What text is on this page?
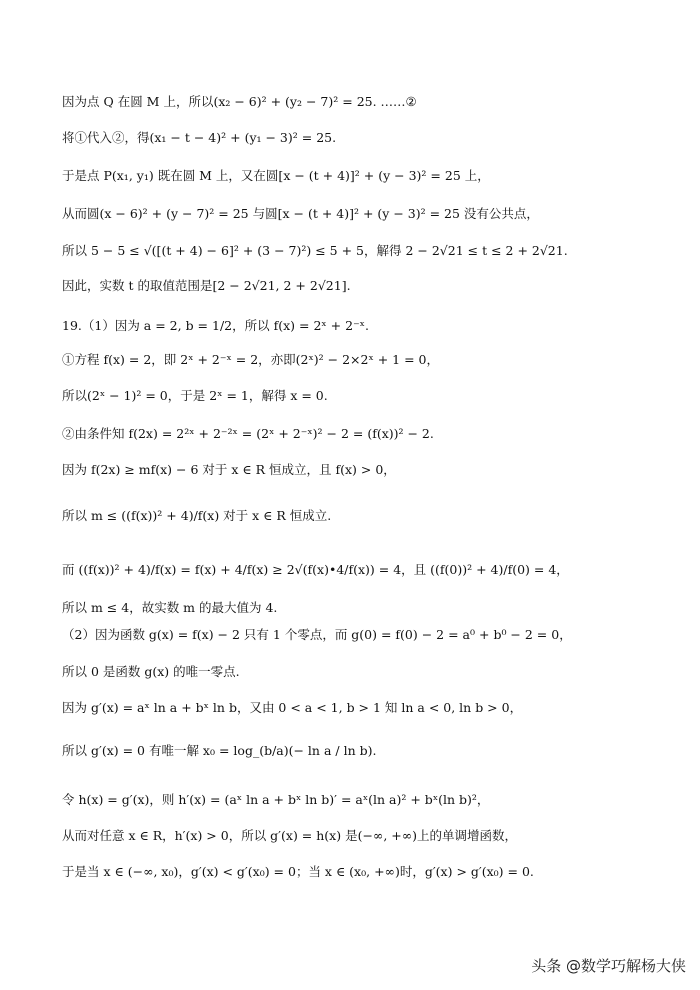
因为点 Q 在圆 M 上，所以(x₂ − 6)² + (y₂ − 7)² = 25. ……②
将①代入②，得(x₁ − t − 4)² + (y₁ − 3)² = 25.
于是点 P(x₁, y₁) 既在圆 M 上，又在圆[x − (t + 4)]² + (y − 3)² = 25 上，
从而圆(x − 6)² + (y − 7)² = 25 与圆[x − (t + 4)]² + (y − 3)² = 25 没有公共点，
所以 5 − 5 ≤ √([(t + 4) − 6]² + (3 − 7)²) ≤ 5 + 5，解得 2 − 2√21 ≤ t ≤ 2 + 2√21.
因此，实数 t 的取值范围是[2 − 2√21, 2 + 2√21].
19.（1）因为 a = 2, b = 1/2，所以 f(x) = 2ˣ + 2⁻ˣ.
①方程 f(x) = 2，即 2ˣ + 2⁻ˣ = 2，亦即(2ˣ)² − 2×2ˣ + 1 = 0，
所以(2ˣ − 1)² = 0，于是 2ˣ = 1，解得 x = 0.
②由条件知 f(2x) = 2²ˣ + 2⁻²ˣ = (2ˣ + 2⁻ˣ)² − 2 = (f(x))² − 2.
因为 f(2x) ≥ mf(x) − 6 对于 x ∈ R 恒成立，且 f(x) > 0，
所以 m ≤ ((f(x))² + 4)/f(x) 对于 x ∈ R 恒成立.
而 ((f(x))² + 4)/f(x) = f(x) + 4/f(x) ≥ 2√(f(x)•4/f(x)) = 4，且 ((f(0))² + 4)/f(0) = 4，
所以 m ≤ 4，故实数 m 的最大值为 4.
（2）因为函数 g(x) = f(x) − 2 只有 1 个零点，而 g(0) = f(0) − 2 = a⁰ + b⁰ − 2 = 0，
所以 0 是函数 g(x) 的唯一零点.
因为 g′(x) = aˣ ln a + bˣ ln b，又由 0 < a < 1, b > 1 知 ln a < 0, ln b > 0，
所以 g′(x) = 0 有唯一解 x₀ = log_(b/a)(− ln a / ln b).
令 h(x) = g′(x)，则 h′(x) = (aˣ ln a + bˣ ln b)′ = aˣ(ln a)² + bˣ(ln b)²，
从而对任意 x ∈ R，h′(x) > 0，所以 g′(x) = h(x) 是(−∞, +∞)上的单调增函数，
于是当 x ∈ (−∞, x₀)，g′(x) < g′(x₀) = 0；当 x ∈ (x₀, +∞)时，g′(x) > g′(x₀) = 0.
头条 @数学巧解杨大侠
